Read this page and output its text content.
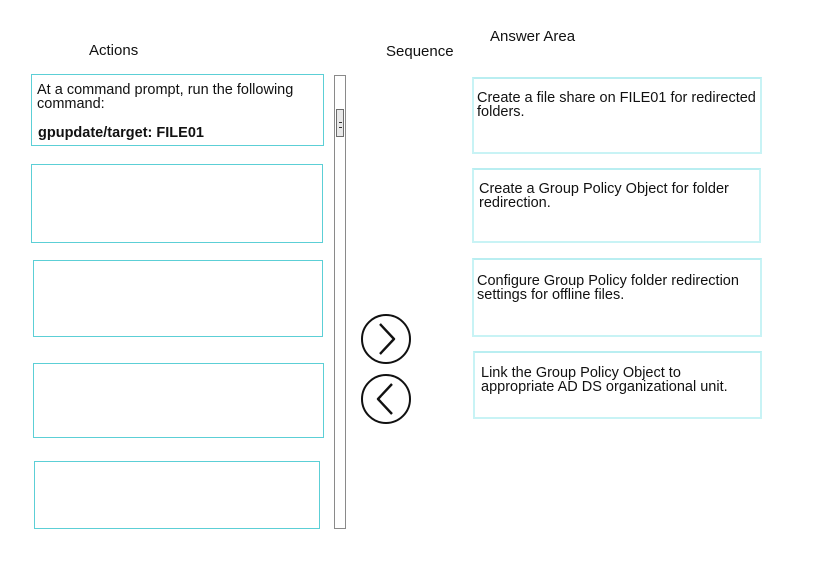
Actions	Sequence
Answer Area
At a command prompt, run the following command:
gpupdate/target: FILE01
Create a file share on FILE01 for redirected folders.
Create a Group Policy Object for folder redirection.
Configure Group Policy folder redirection settings for offline files.
Link the Group Policy Object to appropriate AD DS organizational unit.
